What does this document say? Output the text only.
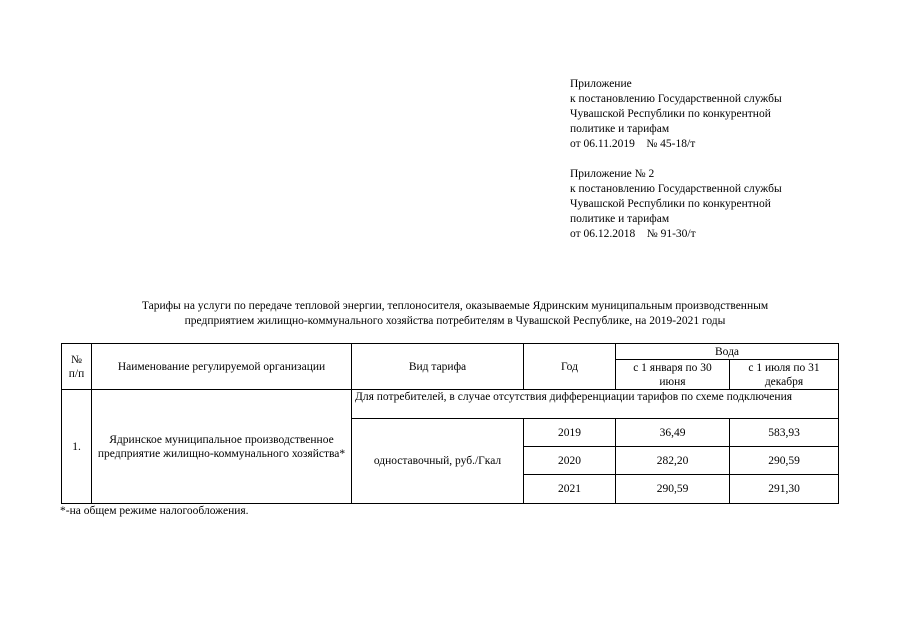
Приложение
к постановлению Государственной службы
Чувашской Республики по конкурентной
политике и тарифам
от 06.11.2019    № 45-18/т
Приложение № 2
к постановлению Государственной службы
Чувашской Республики по конкурентной
политике и тарифам
от 06.12.2018    № 91-30/т
Тарифы на услуги по передаче тепловой энергии, теплоносителя, оказываемые Ядринским муниципальным производственным
предприятием жилищно-коммунального хозяйства потребителям в Чувашской Республике, на 2019-2021 годы
№ п/п	Наименование регулируемой организации	Вид тарифа	Год	Вода	
				с 1 января по 30 июня	с 1 июля по 31 декабря
1.	Ядринское муниципальное производственное предприятие жилищно-коммунального хозяйства*	Для потребителей, в случае отсутствия дифференциации тарифов по схеме подключения			
		одноставочный, руб./Гкал	2019	36,49	583,93
			2020	282,20	290,59
			2021	290,59	291,30
*-на общем режиме налогообложения.
